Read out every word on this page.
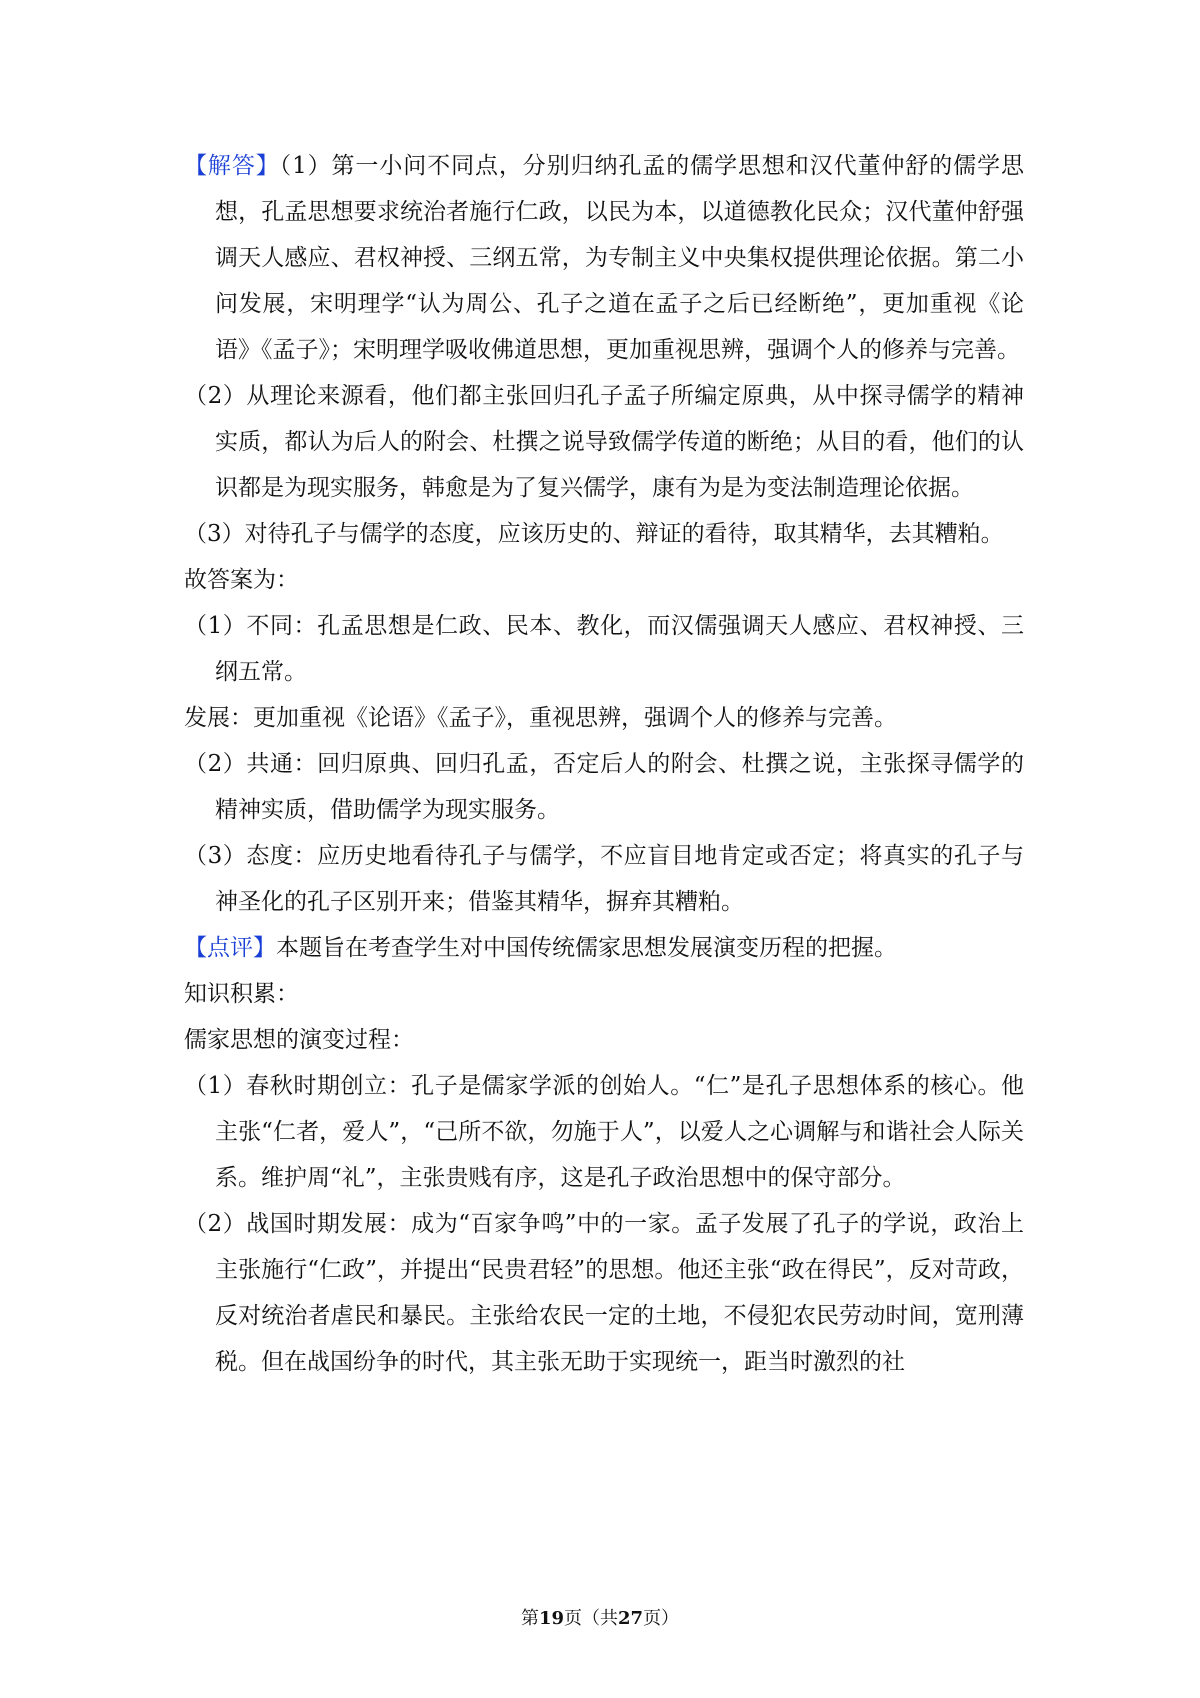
【解答】（1）第一小问不同点，分别归纳孔孟的儒学思想和汉代董仲舒的儒学思想，孔孟思想要求统治者施行仁政，以民为本，以道德教化民众；汉代董仲舒强调天人感应、君权神授、三纲五常，为专制主义中央集权提供理论依据。第二小问发展，宋明理学“认为周公、孔子之道在孟子之后已经断绝”，更加重视《论语》《孟子》；宋明理学吸收佛道思想，更加重视思辨，强调个人的修养与完善。

（2）从理论来源看，他们都主张回归孔子孟子所编定原典，从中探寻儒学的精神实质，都认为后人的附会、杜撰之说导致儒学传道的断绝；从目的看，他们的认识都是为现实服务，韩愈是为了复兴儒学，康有为是为变法制造理论依据。

（3）对待孔子与儒学的态度，应该历史的、辩证的看待，取其精华，去其糟粕。

故答案为：

（1）不同：孔孟思想是仁政、民本、教化，而汉儒强调天人感应、君权神授、三纲五常。

发展：更加重视《论语》《孟子》，重视思辨，强调个人的修养与完善。

（2）共通：回归原典、回归孔孟，否定后人的附会、杜撰之说，主张探寻儒学的精神实质，借助儒学为现实服务。

（3）态度：应历史地看待孔子与儒学，不应盲目地肯定或否定；将真实的孔子与神圣化的孔子区别开来；借鉴其精华，摒弃其糟粕。

【点评】本题旨在考查学生对中国传统儒家思想发展演变历程的把握。

知识积累：

儒家思想的演变过程：

（1）春秋时期创立：孔子是儒家学派的创始人。“仁”是孔子思想体系的核心。他主张“仁者，爱人”，“己所不欲，勿施于人”，以爱人之心调解与和谐社会人际关系。维护周“礼”，主张贵贱有序，这是孔子政治思想中的保守部分。

（2）战国时期发展：成为“百家争鸣”中的一家。孟子发展了孔子的学说，政治上主张施行“仁政”，并提出“民贵君轻”的思想。他还主张“政在得民”，反对苛政，反对统治者虐民和暴民。主张给农民一定的土地，不侵犯农民劳动时间，宽刑薄税。但在战国纷争的时代，其主张无助于实现统一，距当时激烈的社

第19页（共27页）
